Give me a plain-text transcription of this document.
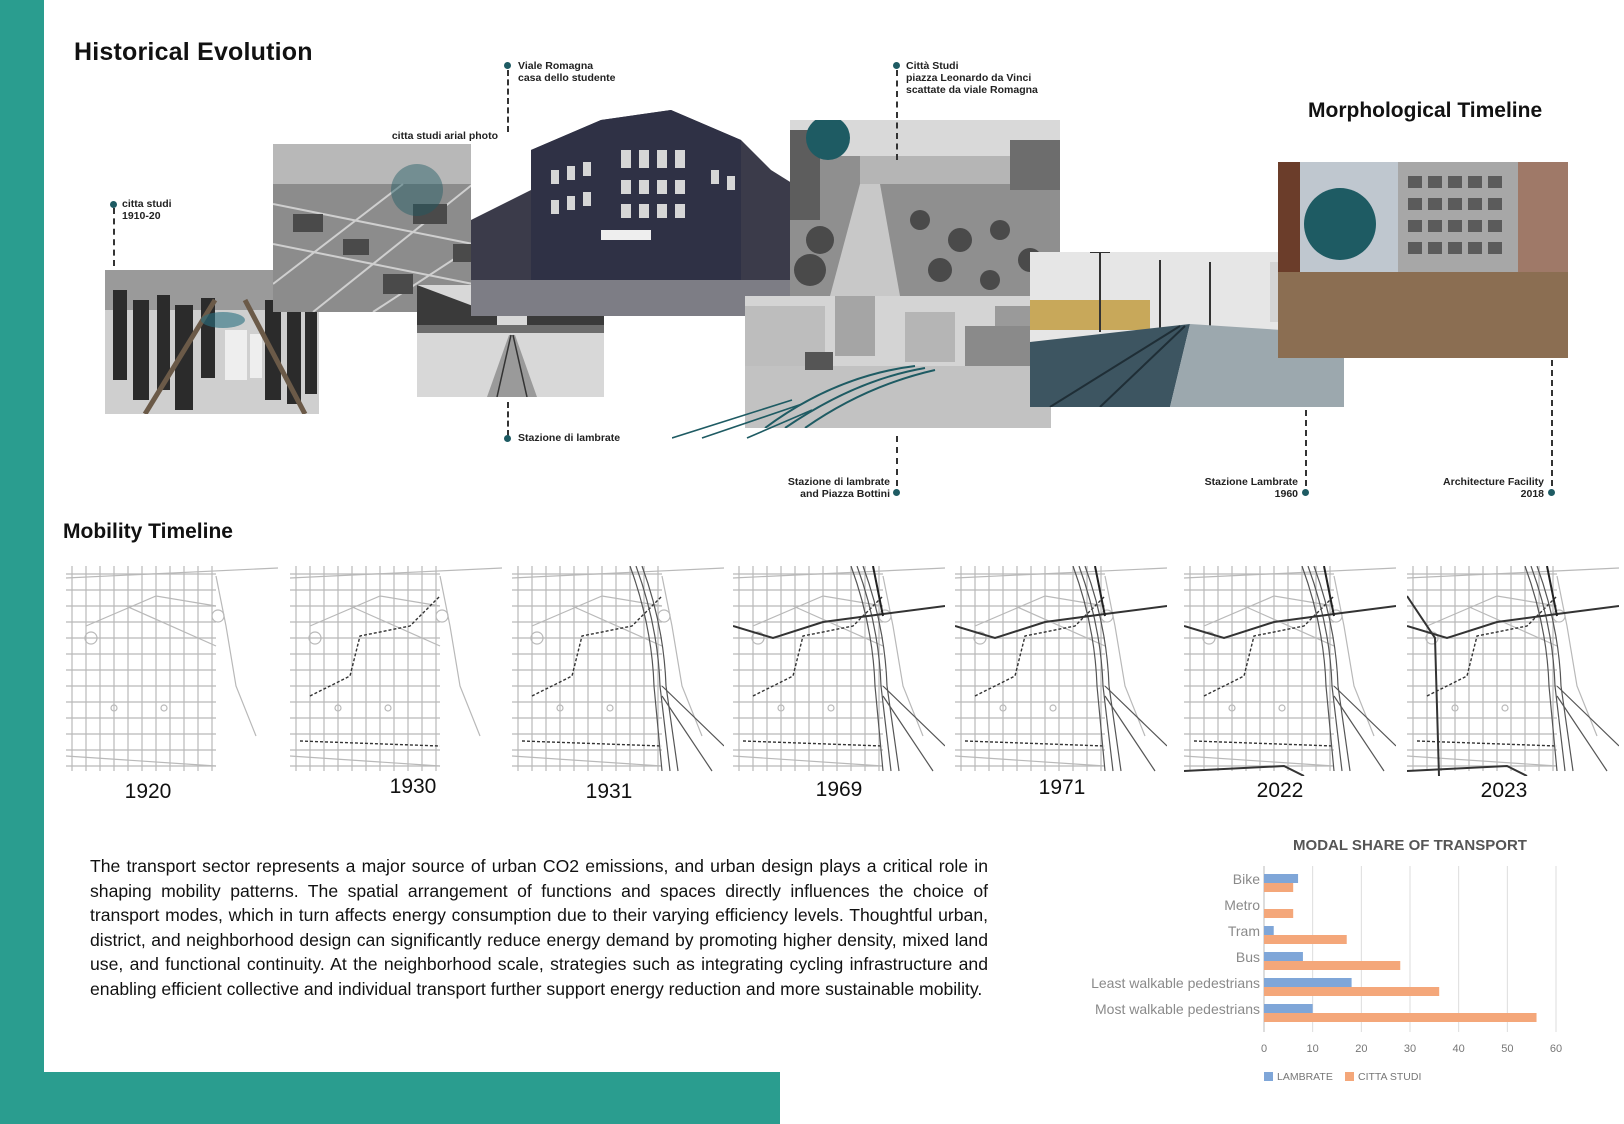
Historical Evolution
Morphological Timeline
Mobility Timeline
citta studi
1910-20
citta studi arial photo
Viale Romagna
casa dello studente
Stazione di lambrate
Città Studi
piazza Leonardo da Vinci
scattate da viale Romagna
Stazione di lambrate
and Piazza Bottini
Stazione Lambrate
1960
Architecture Facility
2018
1920	1930	1931	1969	1971	2022	2023
The transport sector represents a major source of urban CO2 emissions, and urban design plays a critical role in shaping mobility patterns. The spatial arrangement of functions and spaces directly influences the choice of transport modes, which in turn affects energy consumption due to their varying efficiency levels. Thoughtful urban, district, and neighborhood design can significantly reduce energy demand by promoting higher density, mixed land use, and functional continuity. At the neighborhood scale, strategies such as integrating cycling infrastructure and enabling efficient collective and individual transport further support energy reduction and more sustainable mobility.
MODAL SHARE OF TRANSPORT
0	10	20	30	40	50	60
Bike
Metro
Tram
Bus
Least walkable pedestrians
Most walkable pedestrians
LAMBRATE CITTA STUDI
